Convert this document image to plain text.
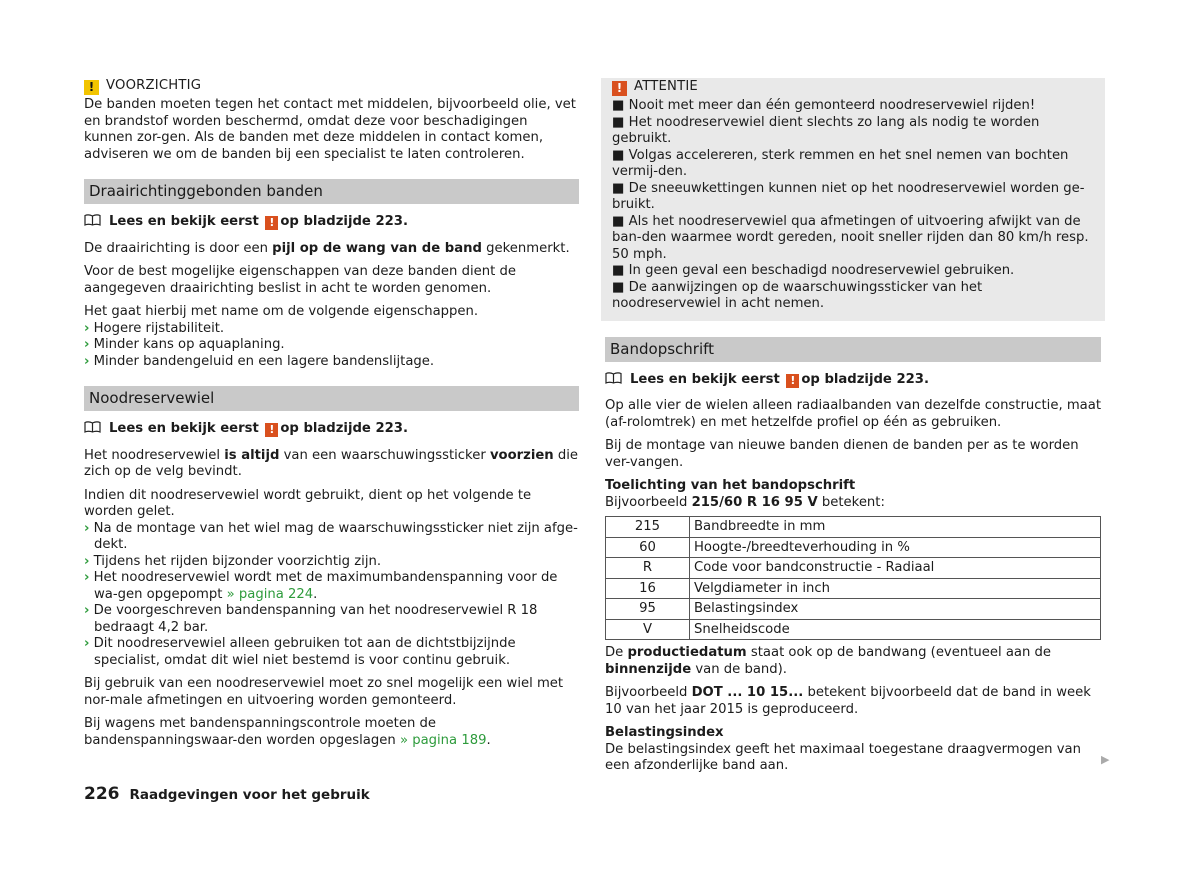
! VOORZICHTIG

De banden moeten tegen het contact met middelen, bijvoorbeeld olie, vet en brandstof worden beschermd, omdat deze voor beschadigingen kunnen zor-gen. Als de banden met deze middelen in contact komen, adviseren we om de banden bij een specialist te laten controleren.

Draairichtinggebonden banden

Lees en bekijk eerst ! op bladzijde 223.

De draairichting is door een pijl op de wang van de band gekenmerkt.

Voor de best mogelijke eigenschappen van deze banden dient de aangegeven draairichting beslist in acht te worden genomen.

Het gaat hierbij met name om de volgende eigenschappen.

› Hogere rijstabiliteit.

› Minder kans op aquaplaning.

› Minder bandengeluid en een lagere bandenslijtage.

Noodreservewiel

Lees en bekijk eerst ! op bladzijde 223.

Het noodreservewiel is altijd van een waarschuwingssticker voorzien die zich op de velg bevindt.

Indien dit noodreservewiel wordt gebruikt, dient op het volgende te worden gelet.

› Na de montage van het wiel mag de waarschuwingssticker niet zijn afge-dekt.

› Tijdens het rijden bijzonder voorzichtig zijn.

› Het noodreservewiel wordt met de maximumbandenspanning voor de wa-gen opgepompt » pagina 224.

› De voorgeschreven bandenspanning van het noodreservewiel R 18 bedraagt 4,2 bar.

› Dit noodreservewiel alleen gebruiken tot aan de dichtstbijzijnde specialist, omdat dit wiel niet bestemd is voor continu gebruik.

Bij gebruik van een noodreservewiel moet zo snel mogelijk een wiel met nor-male afmetingen en uitvoering worden gemonteerd.

Bij wagens met bandenspanningscontrole moeten de bandenspanningswaar-den worden opgeslagen » pagina 189.

! ATTENTIE

■ Nooit met meer dan één gemonteerd noodreservewiel rijden!

■ Het noodreservewiel dient slechts zo lang als nodig te worden gebruikt.

■ Volgas accelereren, sterk remmen en het snel nemen van bochten vermij-den.

■ De sneeuwkettingen kunnen niet op het noodreservewiel worden ge-bruikt.

■ Als het noodreservewiel qua afmetingen of uitvoering afwijkt van de ban-den waarmee wordt gereden, nooit sneller rijden dan 80 km/h resp. 50 mph.

■ In geen geval een beschadigd noodreservewiel gebruiken.

■ De aanwijzingen op de waarschuwingssticker van het noodreservewiel in acht nemen.

Bandopschrift

Lees en bekijk eerst ! op bladzijde 223.

Op alle vier de wielen alleen radiaalbanden van dezelfde constructie, maat (af-rolomtrek) en met hetzelfde profiel op één as gebruiken.

Bij de montage van nieuwe banden dienen de banden per as te worden ver-vangen.

Toelichting van het bandopschrift

Bijvoorbeeld 215/60 R 16 95 V betekent:

215	Bandbreedte in mm
60	Hoogte-/breedteverhouding in %
R	Code voor bandconstructie - Radiaal
16	Velgdiameter in inch
95	Belastingsindex
V	Snelheidscode

De productiedatum staat ook op de bandwang (eventueel aan de binnenzijde van de band).

Bijvoorbeeld DOT ... 10 15... betekent bijvoorbeeld dat de band in week 10 van het jaar 2015 is geproduceerd.

Belastingsindex

De belastingsindex geeft het maximaal toegestane draagvermogen van een afzonderlijke band aan.	▶
226 Raadgevingen voor het gebruik
